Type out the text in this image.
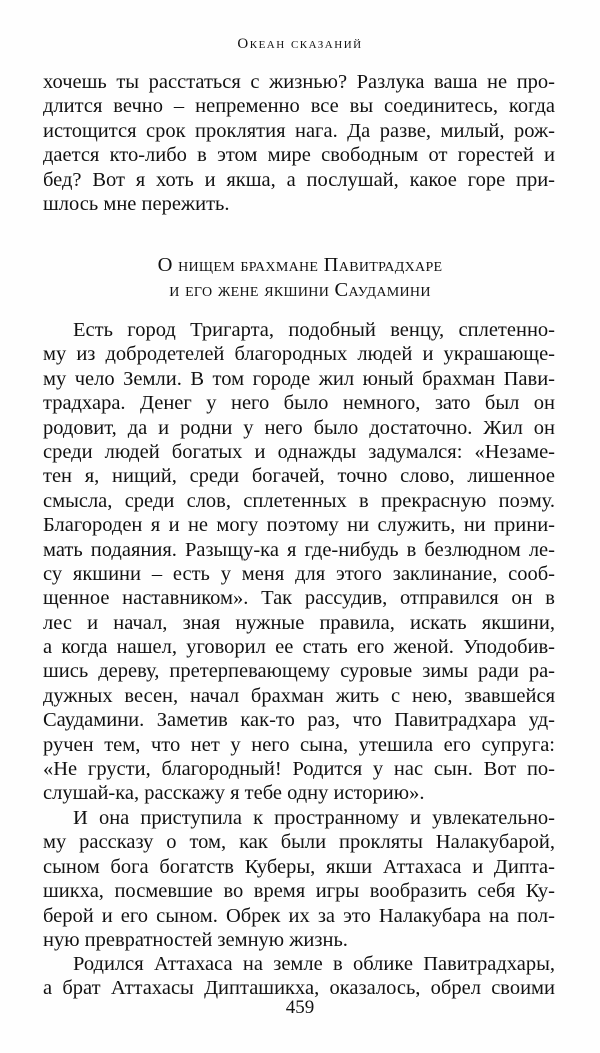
Океан сказаний
хочешь ты расстаться с жизнью? Разлука ваша не про-
длится вечно – непременно все вы соединитесь, когда
истощится срок проклятия нага. Да разве, милый, рож-
дается кто-либо в этом мире свободным от горестей и
бед? Вот я хоть и якша, а послушай, какое горе при-
шлось мне пережить.
О нищем брахмане Павитрадхаре
и его жене якшини Саудамини
Есть город Тригарта, подобный венцу, сплетенно-
му из добродетелей благородных людей и украшающе-
му чело Земли. В том городе жил юный брахман Пави-
традхара. Денег у него было немного, зато был он
родовит, да и родни у него было достаточно. Жил он
среди людей богатых и однажды задумался: «Незаме-
тен я, нищий, среди богачей, точно слово, лишенное
смысла, среди слов, сплетенных в прекрасную поэму.
Благороден я и не могу поэтому ни служить, ни прини-
мать подаяния. Разыщу-ка я где-нибудь в безлюдном ле-
су якшини – есть у меня для этого заклинание, сооб-
щенное наставником». Так рассудив, отправился он в
лес и начал, зная нужные правила, искать якшини,
а когда нашел, уговорил ее стать его женой. Уподобив-
шись дереву, претерпевающему суровые зимы ради ра-
дужных весен, начал брахман жить с нею, звавшейся
Саудамини. Заметив как-то раз, что Павитрадхара уд-
ручен тем, что нет у него сына, утешила его супруга:
«Не грусти, благородный! Родится у нас сын. Вот по-
слушай-ка, расскажу я тебе одну историю».
И она приступила к пространному и увлекательно-
му рассказу о том, как были прокляты Налакубарой,
сыном бога богатств Куберы, якши Аттахаса и Дипта-
шикха, посмевшие во время игры вообразить себя Ку-
берой и его сыном. Обрек их за это Налакубара на пол-
ную превратностей земную жизнь.
Родился Аттахаса на земле в облике Павитрадхары,
а брат Аттахасы Дипташикха, оказалось, обрел своими
459
